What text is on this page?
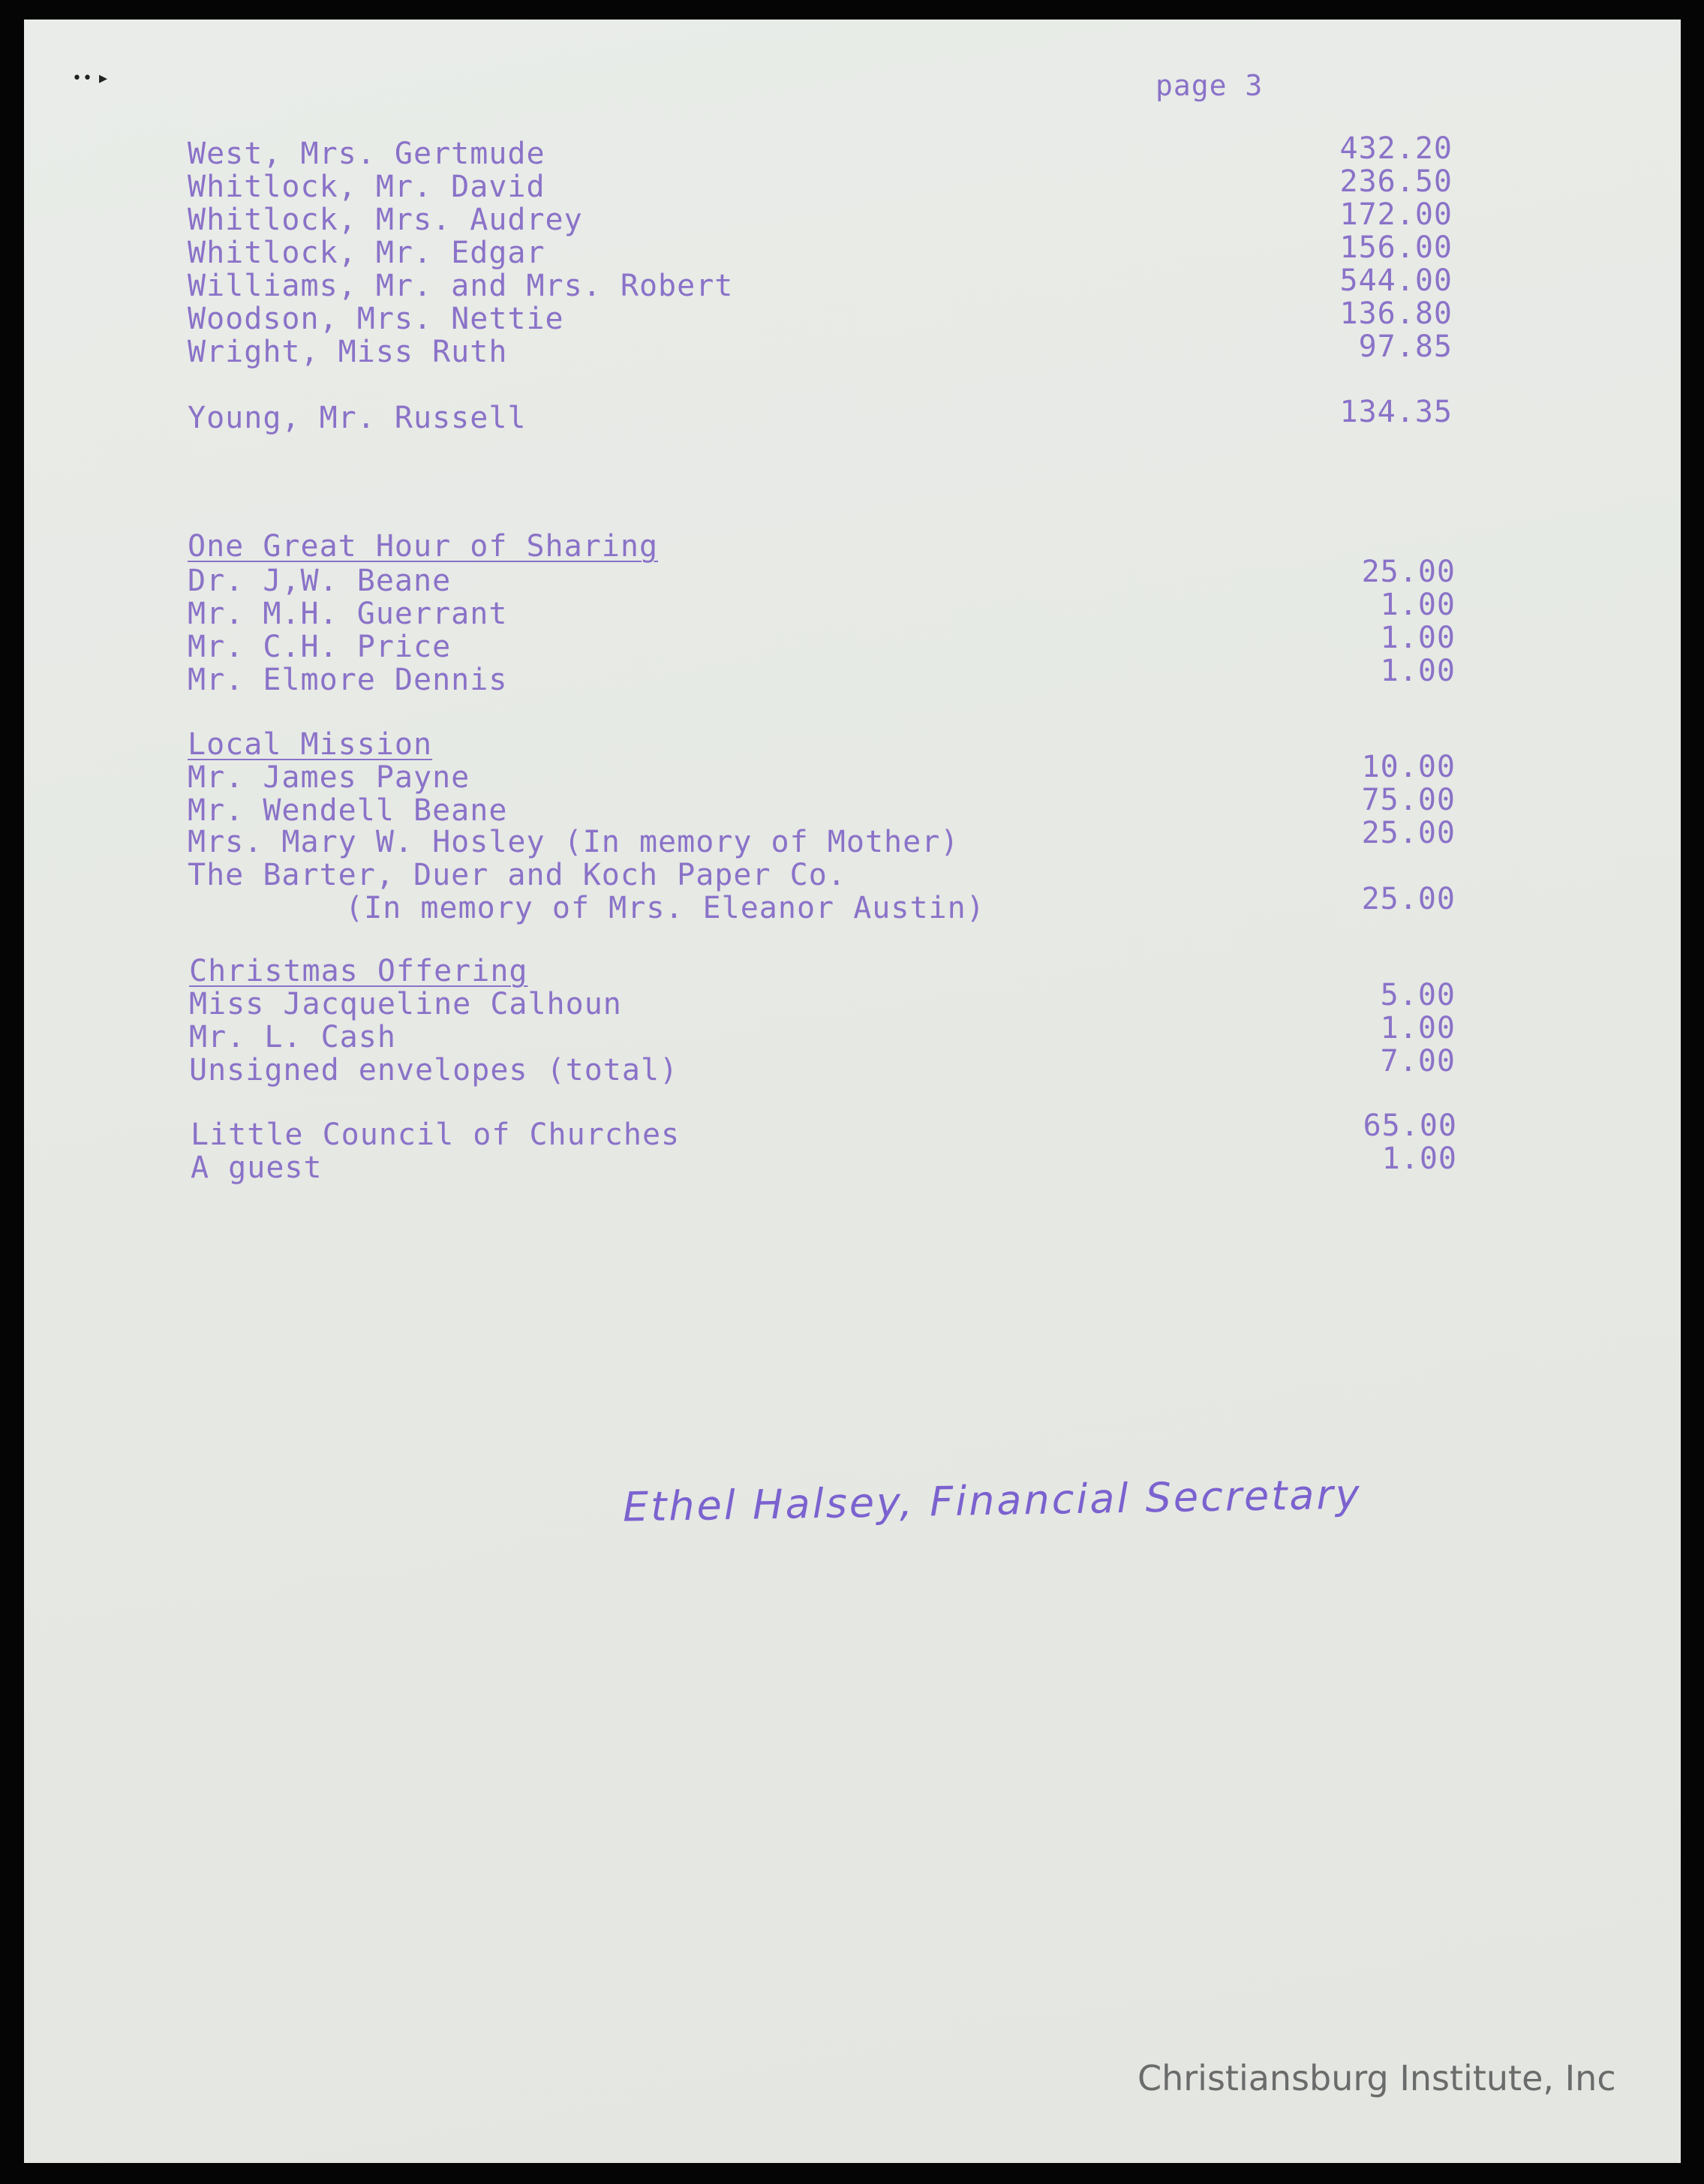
•• ▸	page 3
West, Mrs. Gertmude	432.20
Whitlock, Mr. David	236.50
Whitlock, Mrs. Audrey	172.00
Whitlock, Mr. Edgar	156.00
Williams, Mr. and Mrs. Robert	544.00
Woodson, Mrs. Nettie	136.80
Wright, Miss Ruth	97.85
Young, Mr. Russell	134.35
One Great Hour of Sharing
Dr. J,W. Beane	25.00
Mr. M.H. Guerrant	1.00
Mr. C.H. Price	1.00
Mr. Elmore Dennis	1.00
Local Mission
Mr. James Payne	10.00
Mr. Wendell Beane	75.00
Mrs. Mary W. Hosley (In memory of Mother)	25.00
The Barter, Duer and Koch Paper Co.
(In memory of Mrs. Eleanor Austin)	25.00
Christmas Offering
Miss Jacqueline Calhoun	5.00
Mr. L. Cash	1.00
Unsigned envelopes (total)	7.00
Little Council of Churches	65.00
A guest	1.00
Ethel Halsey, Financial Secretary
Christiansburg Institute, Inc
